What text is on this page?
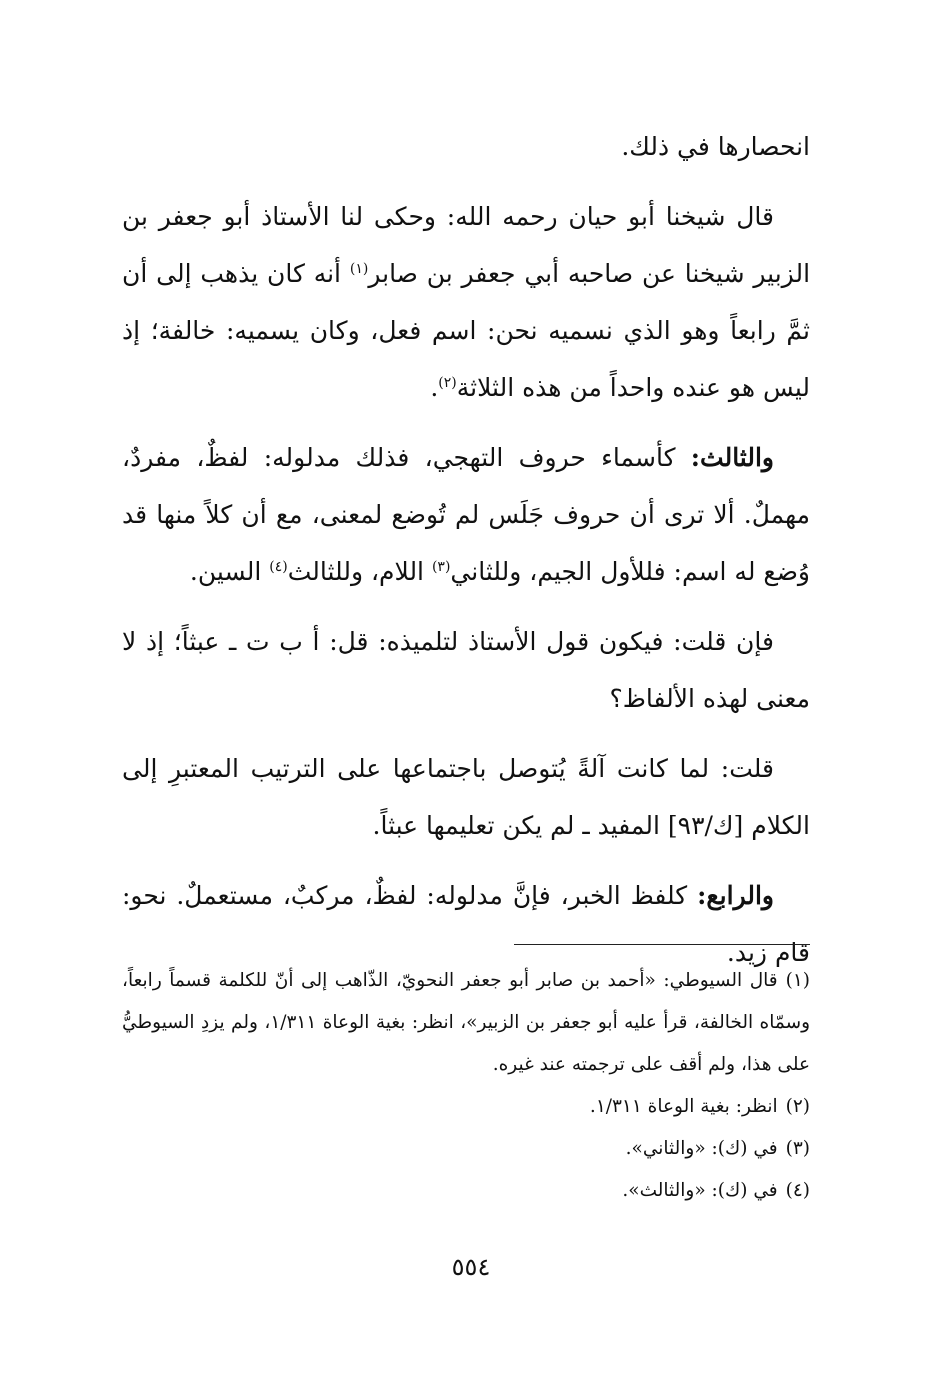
انحصارها في ذلك.

قال شيخنا أبو حيان رحمه الله: وحكى لنا الأستاذ أبو جعفر بن الزبير شيخنا عن صاحبه أبي جعفر بن صابر$^{(١)}$ أنه كان يذهب إلى أن ثمَّ رابعاً وهو الذي نسميه نحن: اسم فعل، وكان يسميه: خالفة؛ إذ ليس هو عنده واحداً من هذه الثلاثة$^{(٢)}$.

والثالث: كأسماء حروف التهجي، فذلك مدلوله: لفظٌ، مفردٌ، مهملٌ. ألا ترى أن حروف جَلَس لم تُوضع لمعنى، مع أن كلاً منها قد وُضع له اسم: فللأول الجيم، وللثاني$^{(٣)}$ اللام، وللثالث$^{(٤)}$ السين.

فإن قلت: فيكون قول الأستاذ لتلميذه: قل: أ ب ت ـ عبثاً؛ إذ لا معنى لهذه الألفاظ؟

قلت: لما كانت آلةً يُتوصل باجتماعها على الترتيب المعتبرِ إلى الكلام [ك/٩٣] المفيد ـ لم يكن تعليمها عبثاً.

والرابع: كلفظ الخبر، فإنَّ مدلوله: لفظٌ، مركبٌ، مستعملٌ. نحو: قام زيد.

(١)قال السيوطي: «أحمد بن صابر أبو جعفر النحويّ، الذّاهب إلى أنّ للكلمة قسماً رابعاً، وسمّاه الخالفة، قرأ عليه أبو جعفر بن الزبير»، انظر: بغية الوعاة ١/٣١١، ولم يزدِ السيوطيُّ على هذا، ولم أقف على ترجمته عند غيره.

(٢)انظر: بغية الوعاة ١/٣١١.

(٣)في (ك): «والثاني».

(٤)في (ك): «والثالث».

٥٥٤
